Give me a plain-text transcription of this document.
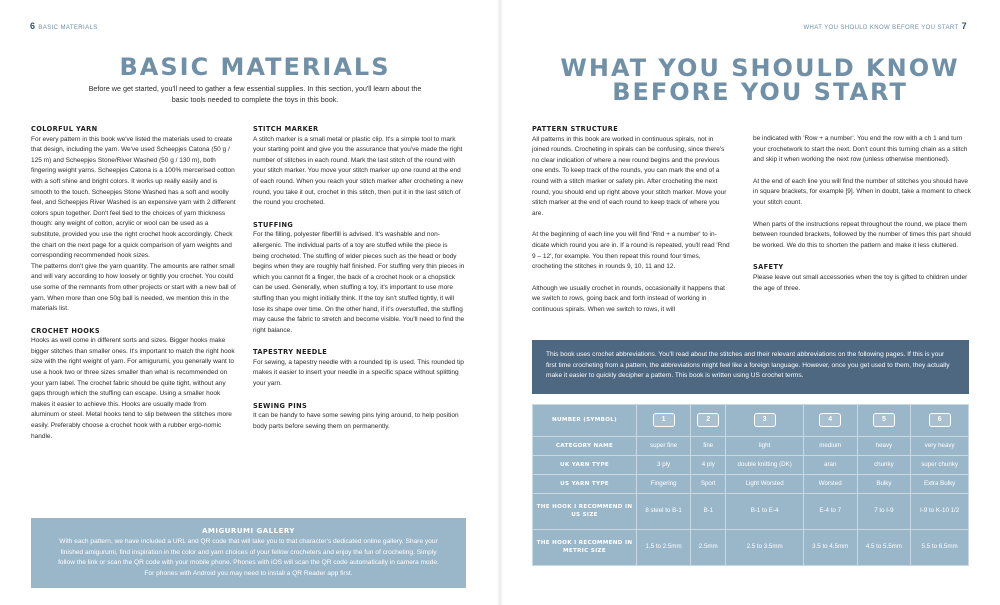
6 BASIC MATERIALS
BASIC MATERIALS
Before we get started, you'll need to gather a few essential supplies. In this section, you'll learn about the basic tools needed to complete the toys in this book.
COLORFUL YARN

For every pattern in this book we've listed the materials used to create that design, including the yarn. We've used Scheepjes Catona (50 g / 125 m) and Scheepjes Stone/River Washed (50 g / 130 m), both fingering weight yarns. Scheepjes Catona is a 100% mercerised cotton with a soft shine and bright colors. It works up really easily and is smooth to the touch. Scheepjes Stone Washed has a soft and woolly feel, and Scheepjes River Washed is an expensive yarn with 2 different colors spun together. Don't feel tied to the choices of yarn thickness though: any weight of cotton, acrylic or wool can be used as a substitute, provided you use the right crochet hook accordingly. Check the chart on the next page for a quick comparison of yarn weights and corresponding recommended hook sizes.

The patterns don't give the yarn quantity. The amounts are rather small and will vary according to how loosely or tightly you crochet. You could use some of the remnants from other projects or start with a new ball of yarn. When more than one 50g ball is needed, we mention this in the materials list.

CROCHET HOOKS

Hooks as well come in different sorts and sizes. Bigger hooks make bigger stitches than smaller ones. It's important to match the right hook size with the right weight of yarn. For amigurumi, you generally want to use a hook two or three sizes smaller than what is recommended on your yarn label. The crochet fabric should be quite tight, without any gaps through which the stuffing can escape. Using a smaller hook makes it easier to achieve this. Hooks are usually made from aluminum or steel. Metal hooks tend to slip between the stitches more easily. Preferably choose a crochet hook with a rubber ergo-nomic handle.

STITCH MARKER

A stitch marker is a small metal or plastic clip. It's a simple tool to mark your starting point and give you the assurance that you've made the right number of stitches in each round. Mark the last stitch of the round with your stitch marker. You move your stitch marker up one round at the end of each round. When you reach your stitch marker after crocheting a new round, you take it out, crochet in this stitch, then put it in the last stitch of the round you crocheted.

STUFFING

For the filling, polyester fiberfill is advised. It's washable and non-allergenic. The individual parts of a toy are stuffed while the piece is being crocheted. The stuffing of wider pieces such as the head or body begins when they are roughly half finished. For stuffing very thin pieces in which you cannot fit a finger, the back of a crochet hook or a chopstick can be used. Generally, when stuffing a toy, it's important to use more stuffing than you might initially think. If the toy isn't stuffed tightly, it will lose its shape over time. On the other hand, if it's overstuffed, the stuffing may cause the fabric to stretch and become visible. You'll need to find the right balance.

TAPESTRY NEEDLE

For sewing, a tapestry needle with a rounded tip is used. This rounded tip makes it easier to insert your needle in a specific space without splitting your yarn.

SEWING PINS

It can be handy to have some sewing pins lying around, to help position body parts before sewing them on permanently.

AMIGURUMI GALLERY
With each pattern, we have included a URL and QR code that will take you to that character's dedicated online gallery. Share your finished amigurumi, find inspiration in the color and yarn choices of your fellow crocheters and enjoy the fun of crocheting. Simply follow the link or scan the QR code with your mobile phone. Phones with iOS will scan the QR code automatically in camera mode. For phones with Android you may need to install a QR Reader app first.
WHAT YOU SHOULD KNOW BEFORE YOU START 7
WHAT YOU SHOULD KNOW
BEFORE YOU START
PATTERN STRUCTURE

All patterns in this book are worked in continuous spirals, not in joined rounds. Crocheting in spirals can be confusing, since there's no clear indication of where a new round begins and the previous one ends. To keep track of the rounds, you can mark the end of a round with a stitch marker or safety pin. After crocheting the next round, you should end up right above your stitch marker. Move your stitch marker at the end of each round to keep track of where you are.

At the beginning of each line you will find 'Rnd + a number' to in-dicate which round you are in. If a round is repeated, you'll read 'Rnd 9 – 12', for example. You then repeat this round four times, crocheting the stitches in rounds 9, 10, 11 and 12.

Although we usually crochet in rounds, occasionally it happens that we switch to rows, going back and forth instead of working in continuous spirals. When we switch to rows, it will

be indicated with 'Row + a number'. You end the row with a ch 1 and turn your crochetwork to start the next. Don't count this turning chain as a stitch and skip it when working the next row (unless otherwise mentioned).

At the end of each line you will find the number of stitches you should have in square brackets, for example [9]. When in doubt, take a moment to check your stitch count.

When parts of the instructions repeat throughout the round, we place them between rounded brackets, followed by the number of times this part should be worked. We do this to shorten the pattern and make it less cluttered.

SAFETY

Please leave out small accessories when the toy is gifted to children under the age of three.

This book uses crochet abbreviations. You'll read about the stitches and their relevant abbreviations on the following pages. If this is your first time crocheting from a pattern, the abbreviations might feel like a foreign language. However, once you get used to them, they actually make it easier to quickly decipher a pattern. This book is written using US crochet terms.
NUMBER (SYMBOL)	1	2	3	4	5	6
CATEGORY NAME	super fine	fine	light	medium	heavy	very heavy
UK YARN TYPE	3 ply	4 ply	double knitting (DK)	aran	chunky	super chunky
US YARN TYPE	Fingering	Sport	Light Worsted	Worsted	Bulky	Extra Bulky
THE HOOK I RECOMMEND IN US SIZE	8 steel to B-1	B-1	B-1 to E-4	E-4 to 7	7 to I-9	I-9 to K-10 1/2
THE HOOK I RECOMMEND IN METRIC SIZE	1.5 to 2.5mm	2.5mm	2.5 to 3.5mm	3.5 to 4.5mm	4.5 to 5.5mm	5.5 to 6.5mm
